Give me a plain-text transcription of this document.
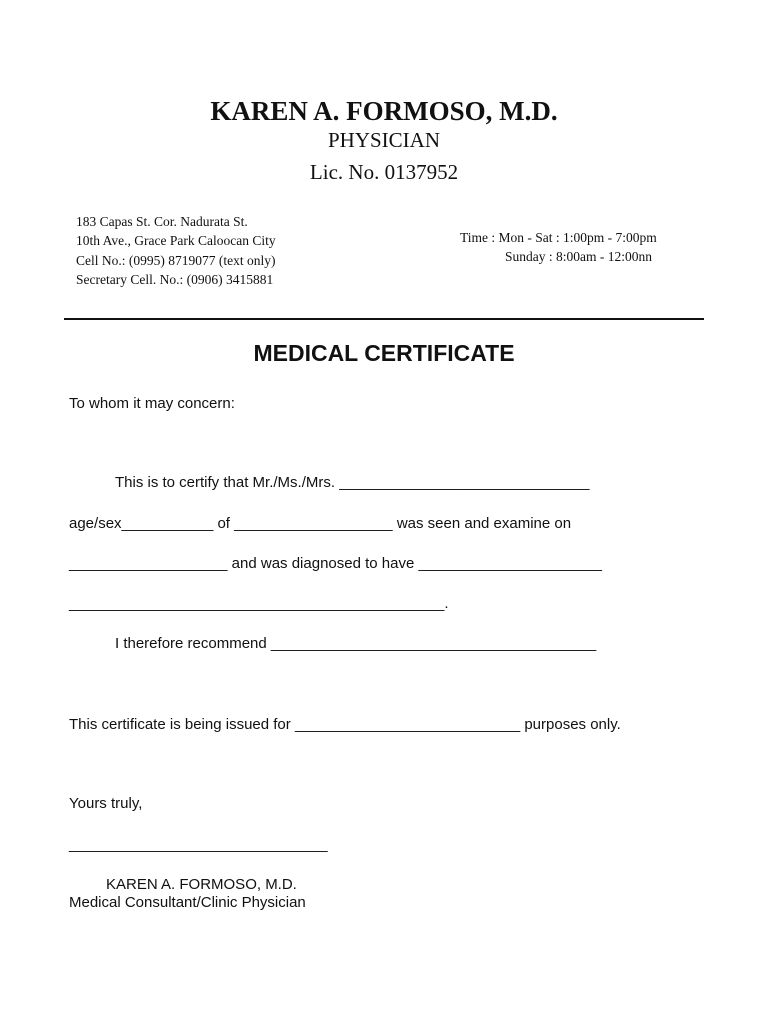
KAREN A. FORMOSO, M.D.
PHYSICIAN
Lic. No. 0137952
183 Capas St. Cor. Nadurata St.
10th Ave., Grace Park Caloocan City
Cell No.: (0995) 8719077 (text only)
Secretary Cell. No.: (0906) 3415881
Time : Mon - Sat : 1:00pm - 7:00pm
Sunday : 8:00am - 12:00nn
MEDICAL CERTIFICATE
To whom it may concern:
This is to certify that Mr./Ms./Mrs. ______________________________
age/sex___________ of ___________________ was seen and examine on
___________________ and was diagnosed to have ______________________
_____________________________________________.
I therefore recommend _______________________________________
This certificate is being issued for ___________________________ purposes only.
Yours truly,
_______________________________
KAREN A. FORMOSO, M.D.
Medical Consultant/Clinic Physician
